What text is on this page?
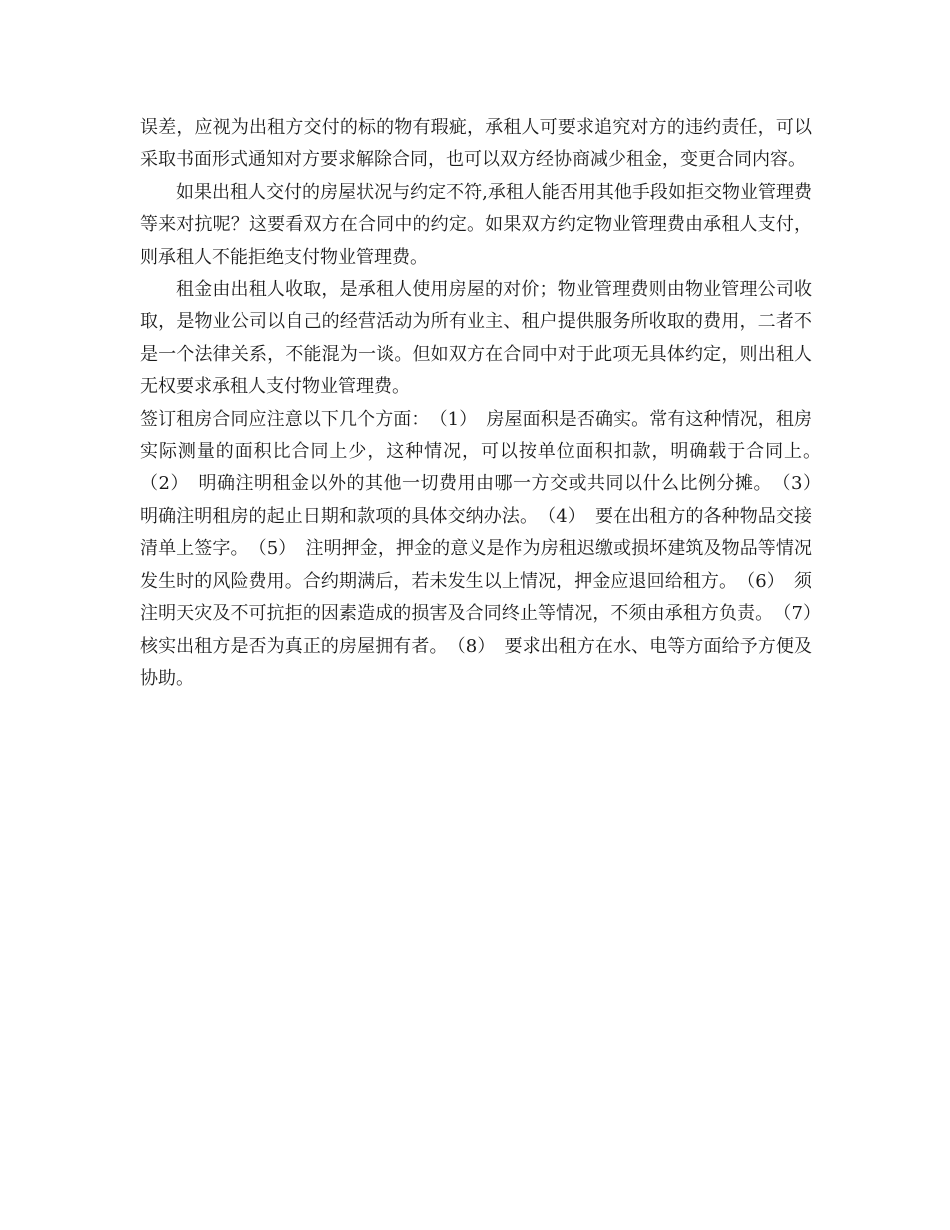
误差，应视为出租方交付的标的物有瑕疵，承租人可要求追究对方的违约责任，可以采取书面形式通知对方要求解除合同，也可以双方经协商减少租金，变更合同内容。

如果出租人交付的房屋状况与约定不符,承租人能否用其他手段如拒交物业管理费等来对抗呢？这要看双方在合同中的约定。如果双方约定物业管理费由承租人支付，则承租人不能拒绝支付物业管理费。

租金由出租人收取，是承租人使用房屋的对价；物业管理费则由物业管理公司收取，是物业公司以自己的经营活动为所有业主、租户提供服务所收取的费用，二者不是一个法律关系，不能混为一谈。但如双方在合同中对于此项无具体约定，则出租人无权要求承租人支付物业管理费。

签订租房合同应注意以下几个方面：　（1）　房屋面积是否确实。常有这种情况，租房实际测量的面积比合同上少，这种情况，可以按单位面积扣款，明确载于合同上。　（2）　明确注明租金以外的其他一切费用由哪一方交或共同以什么比例分摊。　（3）　明确注明租房的起止日期和款项的具体交纳办法。　（4）　要在出租方的各种物品交接清单上签字。　（5）　注明押金，押金的意义是作为房租迟缴或损坏建筑及物品等情况发生时的风险费用。合约期满后，若未发生以上情况，押金应退回给租方。　（6）　须注明天灾及不可抗拒的因素造成的损害及合同终止等情况，不须由承租方负责。　（7）　核实出租方是否为真正的房屋拥有者。　（8）　要求出租方在水、电等方面给予方便及协助。
